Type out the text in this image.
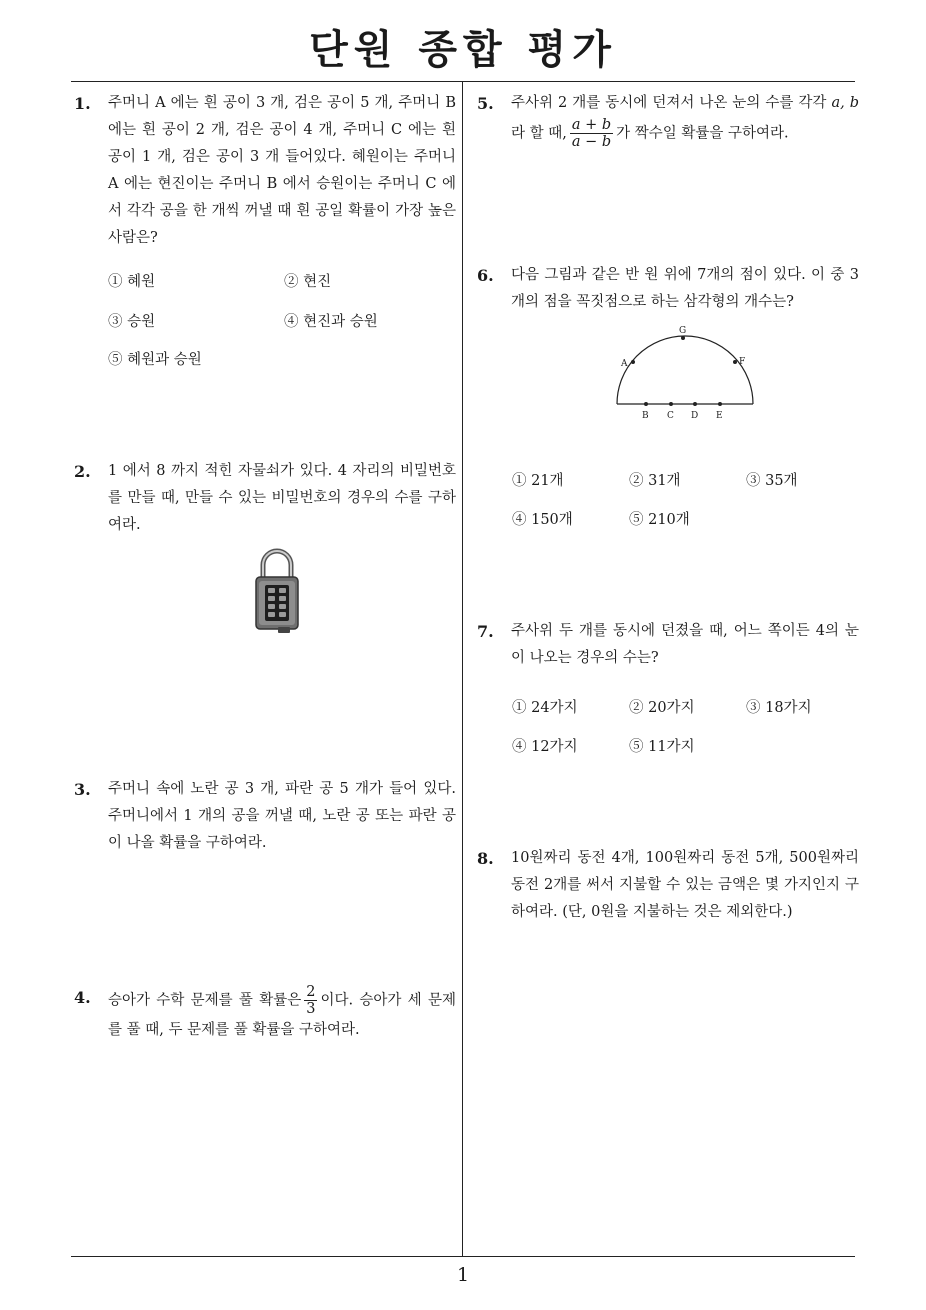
단원 종합 평가
1
1. 주머니 A 에는 흰 공이 3 개, 검은 공이 5 개, 주머니 B 에는 흰 공이 2 개, 검은 공이 4 개, 주머니 C 에는 흰 공이 1 개, 검은 공이 3 개 들어있다. 혜원이는 주머니 A 에는 현진이는 주머니 B 에서 승원이는 주머니 C 에서 각각 공을 한 개씩 꺼낼 때 흰 공일 확률이 가장 높은 사람은?
① 혜원	② 현진
③ 승원	④ 현진과 승원
⑤ 혜원과 승원
2. 1 에서 8 까지 적힌 자물쇠가 있다. 4 자리의 비밀번호를 만들 때, 만들 수 있는 비밀번호의 경우의 수를 구하여라.
3. 주머니 속에 노란 공 3 개, 파란 공 5 개가 들어 있다. 주머니에서 1 개의 공을 꺼낼 때, 노란 공 또는 파란 공이 나올 확률을 구하여라.
4. 승아가 수학 문제를 풀 확률은 $\frac{2}{3}$ 이다. 승아가 세 문제를 풀 때, 두 문제를 풀 확률을 구하여라.
5. 주사위 2 개를 동시에 던져서 나온 눈의 수를 각각 a, b 라 할 때, $\frac{a + b}{a - b}$ 가 짝수일 확률을 구하여라.
6. 다음 그림과 같은 반 원 위에 7개의 점이 있다. 이 중 3개의 점을 꼭짓점으로 하는 삼각형의 개수는?
A
G
F
B C D E
① 21개	② 31개	③ 35개
④ 150개	⑤ 210개
7. 주사위 두 개를 동시에 던졌을 때, 어느 쪽이든 4의 눈이 나오는 경우의 수는?
① 24가지	② 20가지	③ 18가지
④ 12가지	⑤ 11가지
8. 10원짜리 동전 4개, 100원짜리 동전 5개, 500원짜리 동전 2개를 써서 지불할 수 있는 금액은 몇 가지인지 구하여라. (단, 0원을 지불하는 것은 제외한다.)
